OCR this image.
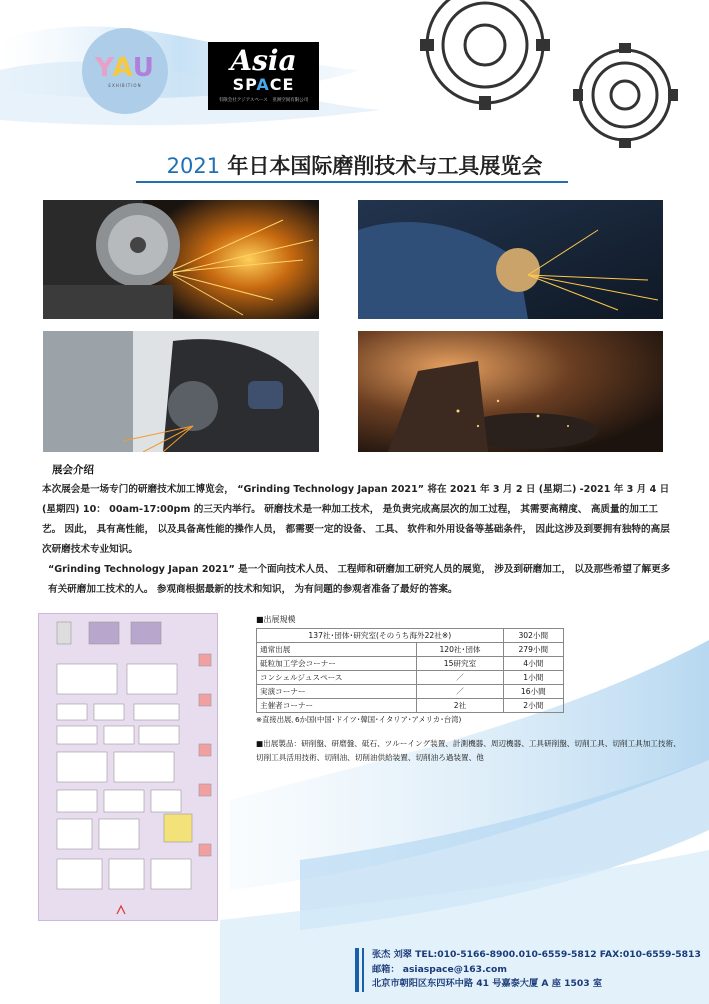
YAU
EXHIBITION
Asia
SPACE
有限会社アジアスペース　亚洲空间有限公司
2021 年日本国际磨削技术与工具展览会
展会介绍

本次展会是一场专门的研磨技术加工博览会， “Grinding Technology Japan 2021” 将在 2021 年 3 月 2 日 (星期二) -2021 年 3 月 4 日 (星期四) 10： 00am-17:00pm 的三天内举行。 研磨技术是一种加工技术， 是负责完成高层次的加工过程， 其需要高精度、 高质量的加工工艺。 因此， 具有高性能， 以及具备高性能的操作人员， 都需要一定的设备、 工具、 软件和外用设备等基础条件， 因此这涉及到要拥有独特的高层次研磨技术专业知识。

“Grinding Technology Japan 2021” 是一个面向技术人员、 工程师和研磨加工研究人员的展览， 涉及到研磨加工， 以及那些希望了解更多有关研磨加工技术的人。 参观商根据最新的技术和知识， 为有问题的参观者准备了最好的答案。

■出展規模
137社･団体･研究室(そのうち海外22社※)		302小間
通常出展	120社･団体	279小間
砥粒加工学会コーナー	15研究室	4小間
コンシェルジュスペース	／	1小間
実演コーナー	／	16小間
主催者コーナー	2社	2小間
※直接出展､6か国(中国･ドイツ･韓国･イタリア･アメリカ･台湾)
■出展製品：研削盤、研磨盤、砥石、ツルーイング装置、計測機器、周辺機器、工具研削盤、切削工具、切削工具加工技術、切削工具活用技術、切削油、切削油供給装置、切削油ろ過装置、他
张杰 刘翠 TEL:010-5166-8900.010-6559-5812 FAX:010-6559-5813
邮箱： asiaspace@163.com
北京市朝阳区东四环中路 41 号嘉泰大厦 A 座 1503 室
